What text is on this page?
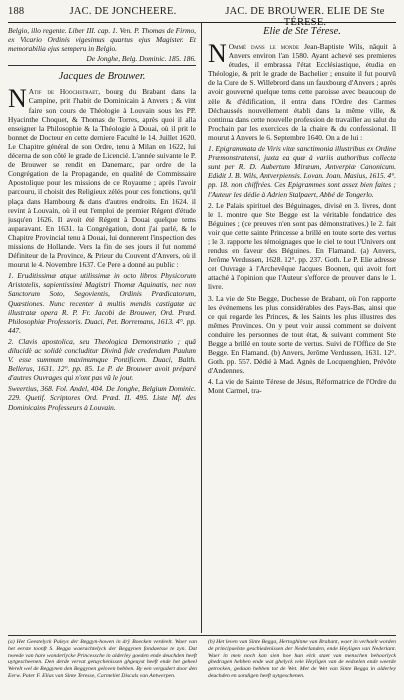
188	JAC. DE JONCHEERE.	JAC. DE BROUWER. ELIE DE Ste TÉRESE.

Belgio, illo regente. Liber III. cap. 1. Ven. P. Thomas de Firmo, ex Vicario Ordinis vigesimus quartus ejus Magister. Et memorabilia ejus semperu in Belgio.

De Jonghe, Belg. Dominic. 185. 186.

Jacques de Brouwer.

N Atif de Hoochstraet, bourg du Brabant dans la Campine, prit l'habit de Dominicain à Anvers ; & vint faire son cours de Théologie à Louvain sous les PP. Hyacinthe Choquet, & Thomas de Torres, après quoi il alla enseigner la Philosophie & la Théologie à Douai, où il prit le bonnet de Docteur en cette derniere Faculté le 14. Juillet 1620. Le Chapitre général de son Ordre, tenu à Milan en 1622, lui décerna de son côté le grade de Licencié. L'année suivante le P. de Brouwer se rendit en Danemarc, par ordre de la Congrégation de la Propagande, en qualité de Commissaire Apostolique pour les missions de ce Royaume ; après l'avoir parcouru, il choisit des Religieux zélés pour ces fonctions, qu'il plaça dans Hambourg & dans d'autres endroits. En 1624. il revint à Louvain, où il eut l'emploi de premier Régent d'étude jusqu'en 1626. Il avoit été Régent à Douai quelque tems auparavant. En 1631. la Congrégation, dont j'ai parlé, & le Chapitre Provincial tenu à Douai, lui donnerent l'inspection des missions de Hollande. Vers la fin de ses jours il fut nommé Définiteur de la Province, & Prieur du Couvent d'Anvers, où il mourut le 4. Novembre 1637. Ce Pere a donné au public :

1. Eruditissimæ atque utilissimæ in octo libros Physicorum Aristotelis, sapientissimi Magistri Thomæ Aquinatis, nec non Sanctorum Soto, Segovientis, Ordinis Prædicatorum, Quæstiones. Nunc recenter à multis mendis castigatæ ac illustratæ opera R. P. Fr. Jacobi de Brouwer, Ord. Præd. Philosophiæ Professoris. Duaci, Pet. Borremans, 1613. 4°. pp. 447.

2. Clavis apostolica, seu Theologica Demonstratio ; quâ dilucidè ac solidè concluditur Divinâ fide credendum Paulum V. esse summum maximumque Pontificem. Duaci, Balth. Bellerus, 1631. 12°. pp. 85. Le P. de Brouwer avoit préparé d'autres Ouvrages qui n'ont pas vû le jour.

Sweertius, 368. Fol. Andel, 404. De Jonghe, Belgium Dominic. 229. Quetif. Scriptores Ord. Præd. II. 495. Liste Mf. des Dominicains Professeurs à Louvain.

Elie de Ste Térese.

N Ommé dans le monde Jean-Baptiste Wils, nâquit à Anvers environ l'an 1580. Ayant achevé ses premieres études, il embrassa l'état Ecclésiastique, étudia en Théologie, & prit le grade de Bachelier ; ensuite il fut pourvû de la Cure de S. Willebrord dans un fauxbourg d'Anvers ; après avoir gouverné quelque tems cette paroisse avec beaucoup de zèle & d'édification, il entra dans l'Ordre des Carmes Déchaussés nouvellement établi dans la même ville, & continua dans cette nouvelle profession de travailler au salut du Prochain par les exercices de la chaire & du confessional. Il mourut à Anvers le 6. Septembre 1640. On a de lui :

1. Epigrammata de Viris vitæ sanctimonia illustribus ex Ordine Præmonstratensi, juxta ea quæ à variis authoribus collecta sunt per R. D. Aubertum Miræum, Antverpiæ Canonicum. Edidit J. B. Wils, Antverpiensis. Lovan. Joan. Masius, 1615. 4°. pp. 18. non chiffrées. Ces Epigrammes sont assez bien faites ; l'Auteur les dédie à Adrien Stalpaert, Abbé de Tongerlo.

2. Le Palais spirituel des Béguinages, divisé en 3. livres, dont le 1. montre que Ste Begge est la véritable fondatrice des Béguines ; (ce preuves n'en sont pas démonstratives.) le 2. fait voir que cette sainte Princesse a brillé en toute sorte des vertus ; le 3. rapporte les témoignages que le ciel te tout l'Univers ont rendus en faveur des Béguines. En Flamand. (a) Anvers, Jerôme Verdussen, 1628. 12°. pp. 237. Goth. Le P. Elie adresse cet Ouvrage à l'Archevêque Jacques Boonen, qui avoit fort attaché à l'opinion que l'Auteur s'efforce de prouver dans le 1. livre.

3. La vie de Ste Begge, Duchesse de Brabant, où l'on rapporte les événemens les plus considérables des Pays-Bas, ainsi que ce qui regarde les Princes, & les Saints les plus illustres des mêmes Provinces. On y peut voir aussi comment se doivent conduire les personnes de tout état, & suivant comment Ste Begge a brillé en toute sorte de vertus. Suivi de l'Office de Ste Begge. En Flamand. (b) Anvers, Jerôme Verdussen, 1631. 12°. Goth. pp. 557. Dédié à Mad. Agnès de Locquenghien, Prévôte d'Andennes.

4. La vie de Sainte Térese de Jésus, Réformatrice de l'Ordre du Mont Carmel, tra-

(a) Het Geestelyck Paleys der Beggyn-howen in drÿ Boecken verdeelt. Waer van het eerste toonft S. Begga waerachtelyck der Beggynen fondaetsse te zyn. Dat tweede van hare wonderlycke Princessche in alderley goeden ende deuchden heeft uytgescheenen. Den derde vervat getuychenissen ghgeuyst heeft ende het geheel Werelt wel de Beggynen den Beggynen geloven hebben. By een vergadert door den Eerw. Pater F. Elias van Sinte Teresse, Carmeliet Discals van Antwerpen.
(b) Het leven van Sinte Begga, Hertoghinne van Brabant, waer in verhaelt worden de principaelste geschiedenissen der Nederlanden, ende Heyligen van Nederlant. Waer in men noch kan sien hoe hun elck staet van menschen behoorlyck ghedragen hebben ende wat ghelyck vele Heyligen van de eedselen ende weerde getrocken, gedaan hebben tot de Wet. Met de Wet van Sinte Begga in alderley deuchden en sondigen heeft uytgeschenen.
